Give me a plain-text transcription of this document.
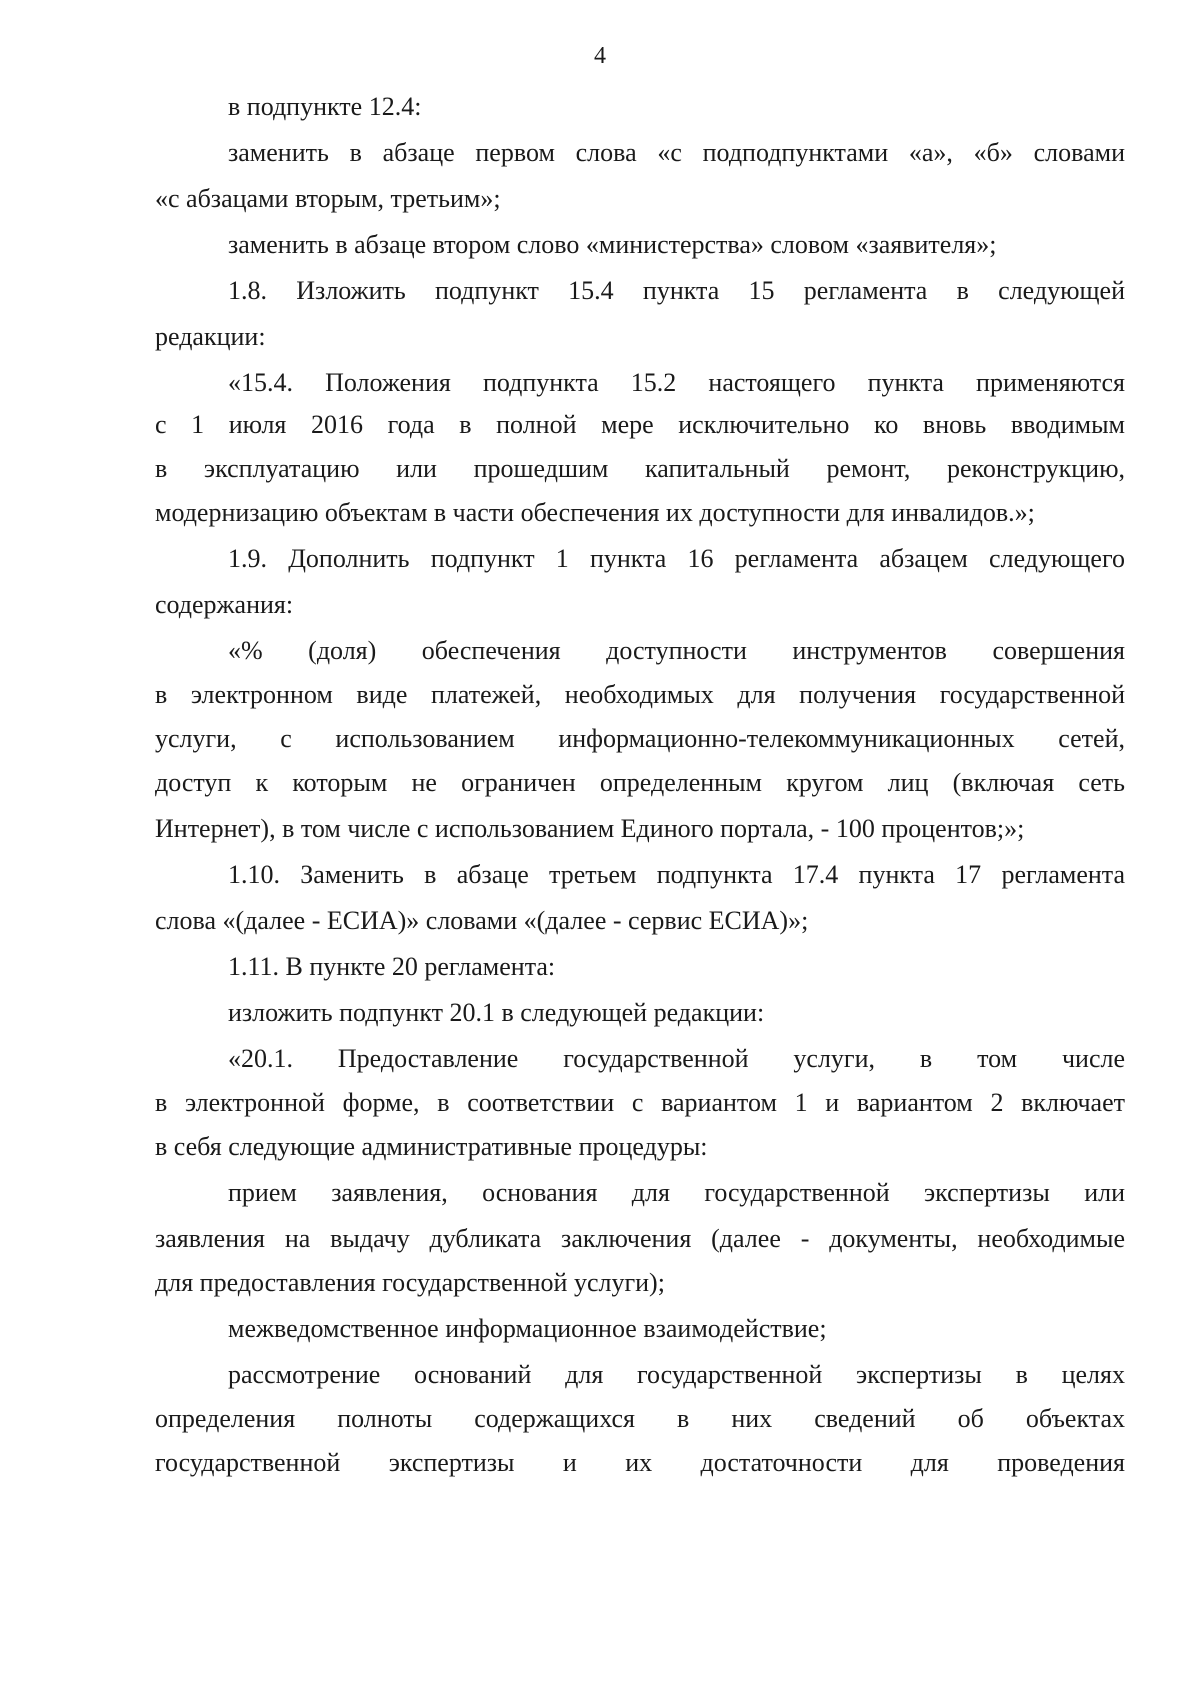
4
в подпункте 12.4:
заменить в абзаце первом слова «с подподпунктами «а», «б» словами
«с абзацами вторым, третьим»;
заменить в абзаце втором слово «министерства» словом «заявителя»;
1.8. Изложить подпункт 15.4 пункта 15 регламента в следующей
редакции:
«15.4. Положения подпункта 15.2 настоящего пункта применяются
с 1 июля 2016 года в полной мере исключительно ко вновь вводимым
в эксплуатацию или прошедшим капитальный ремонт, реконструкцию,
модернизацию объектам в части обеспечения их доступности для инвалидов.»;
1.9. Дополнить подпункт 1 пункта 16 регламента абзацем следующего
содержания:
«% (доля) обеспечения доступности инструментов совершения
в электронном виде платежей, необходимых для получения государственной
услуги, с использованием информационно-телекоммуникационных сетей,
доступ к которым не ограничен определенным кругом лиц (включая сеть
Интернет), в том числе с использованием Единого портала, - 100 процентов;»;
1.10. Заменить в абзаце третьем подпункта 17.4 пункта 17 регламента
слова «(далее - ЕСИА)» словами «(далее - сервис ЕСИА)»;
1.11. В пункте 20 регламента:
изложить подпункт 20.1 в следующей редакции:
«20.1. Предоставление государственной услуги, в том числе
в электронной форме, в соответствии с вариантом 1 и вариантом 2 включает
в себя следующие административные процедуры:
прием заявления, основания для государственной экспертизы или
заявления на выдачу дубликата заключения (далее - документы, необходимые
для предоставления государственной услуги);
межведомственное информационное взаимодействие;
рассмотрение оснований для государственной экспертизы в целях
определения полноты содержащихся в них сведений об объектах
государственной экспертизы и их достаточности для проведения
